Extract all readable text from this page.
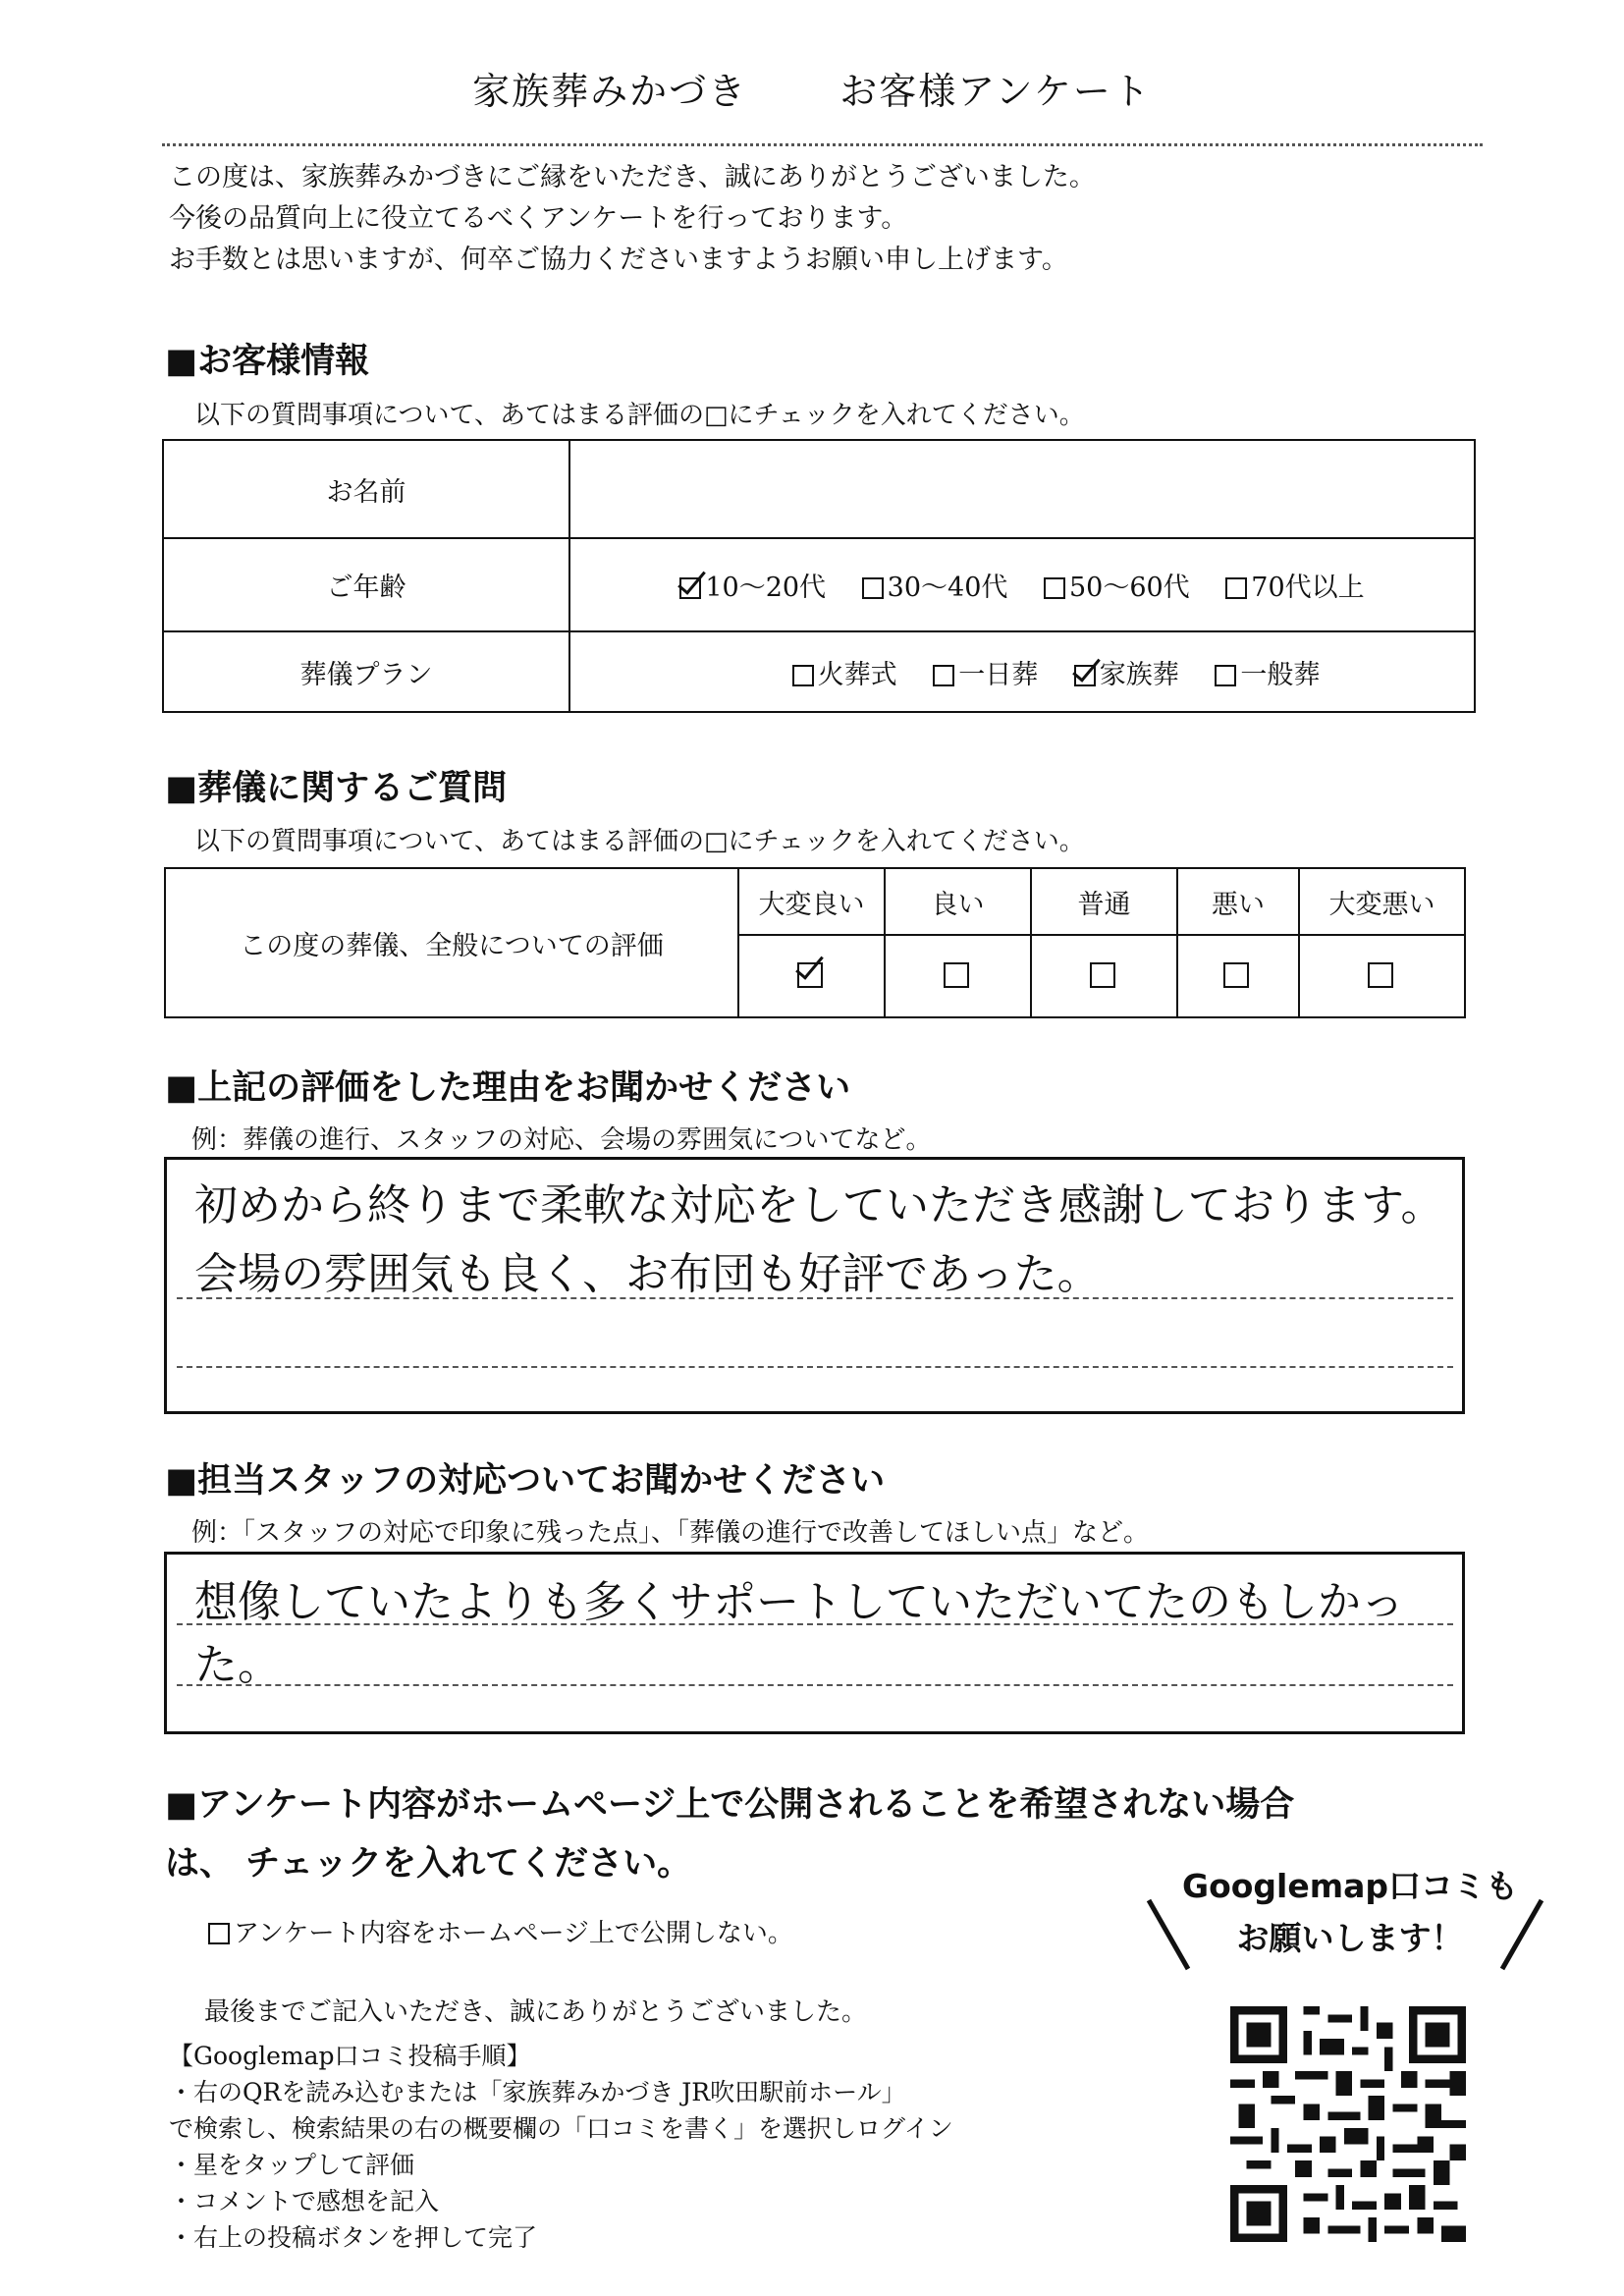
家族葬みかづき お客様アンケート
この度は、家族葬みかづきにご縁をいただき、誠にありがとうございました。
今後の品質向上に役立てるべくアンケートを行っております。
お手数とは思いますが、何卒ご協力くださいますようお願い申し上げます。
■お客様情報
以下の質問事項について、あてはまる評価の□にチェックを入れてください。
お名前	
ご年齢	10～20代 30～40代 50～60代 70代以上
葬儀プラン	火葬式 一日葬 家族葬 一般葬
■葬儀に関するご質問
以下の質問事項について、あてはまる評価の□にチェックを入れてください。
この度の葬儀、全般についての評価	大変良い	良い	普通	悪い	大変悪い

■上記の評価をした理由をお聞かせください
例：葬儀の進行、スタッフの対応、会場の雰囲気についてなど。
初めから終りまで柔軟な対応をしていただき感謝しております。
会場の雰囲気も良く、お布団も好評であった。
■担当スタッフの対応ついてお聞かせください
例：「スタッフの対応で印象に残った点」、「葬儀の進行で改善してほしい点」など。
想像していたよりも多くサポートしていただいてたのもしかった。
■アンケート内容がホームページ上で公開されることを希望されない場合
は、 チェックを入れてください。
アンケート内容をホームページ上で公開しない。
最後までご記入いただき、誠にありがとうございました。
【Googlemap口コミ投稿手順】
・右のQRを読み込むまたは「家族葬みかづき JR吹田駅前ホール」
で検索し、検索結果の右の概要欄の「口コミを書く」を選択しログイン
・星をタップして評価
・コメントで感想を記入
・右上の投稿ボタンを押して完了
Googlemap口コミも
お願いします！
